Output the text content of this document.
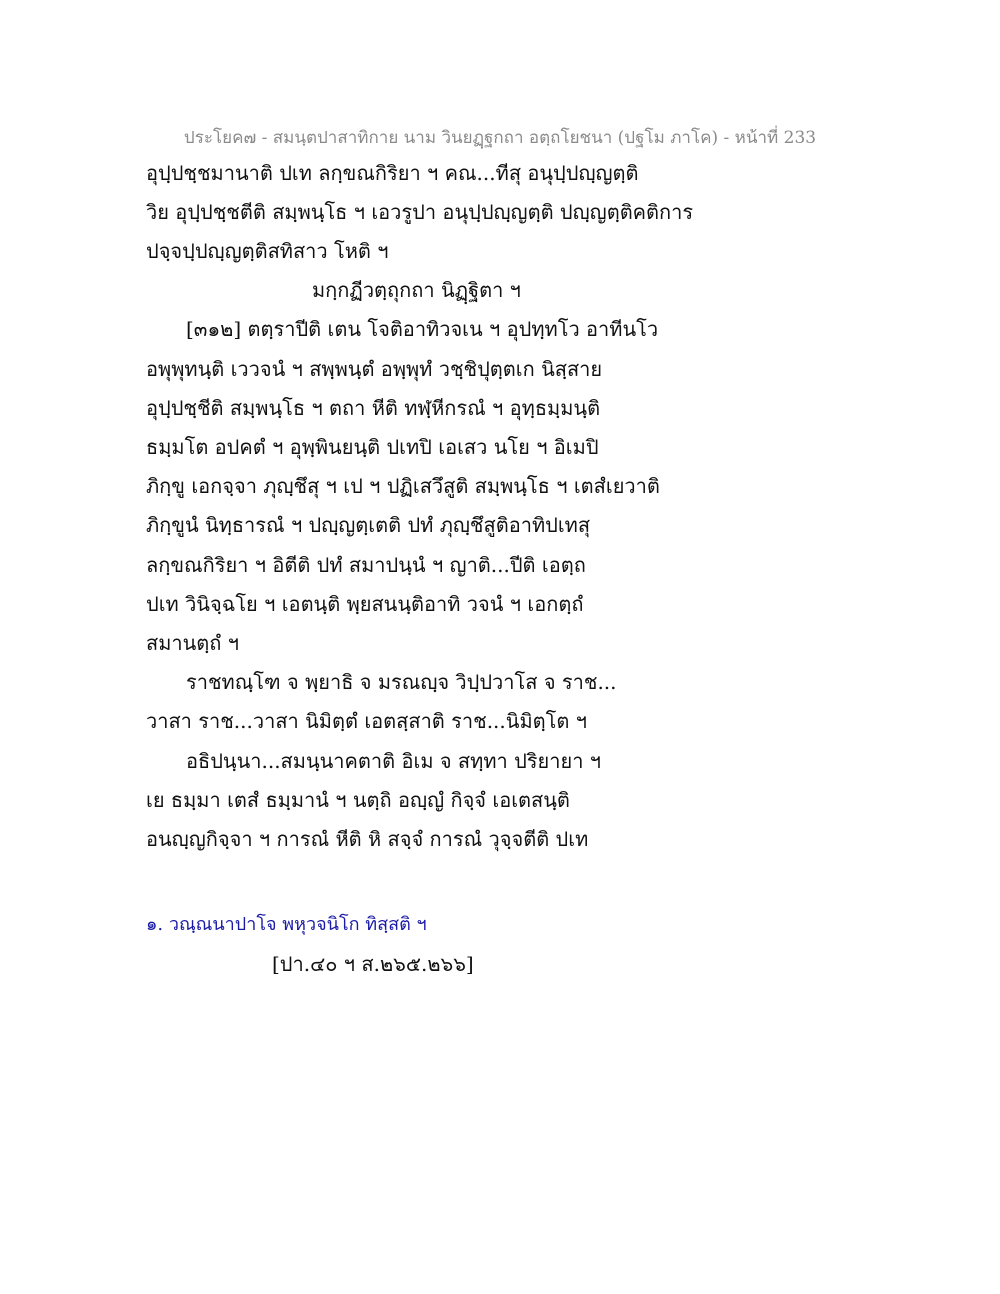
ประโยค๗ - สมนฺตปาสาทิกาย นาม วินยฏฺฐกถา อตฺถโยชนา (ปฐโม ภาโค) - หน้าที่ 233
อุปฺปชฺชมานาติ ปเท ลกฺขณกิริยา ฯ คณ...ทีสุ อนุปฺปญฺญตฺติ
วิย อุปฺปชฺชตีติ สมฺพนฺโธ ฯ เอวรูปา อนุปฺปญฺญตฺติ ปญฺญตฺติคติการ
ปจฺจปฺปญฺญตฺติสทิสาว โหติ ฯ
มกฺกฏีวตฺถุกถา นิฏฺฐิตา ฯ
[๓๑๒] ตตฺราปีติ เตน โจติอาทิวจเน ฯ อุปทฺทโว อาทีนโว
อพุพุทนฺติ เววจนํ ฯ สพฺพนฺตํ อพฺพุทํ วชฺชิปุตฺตเก นิสฺสาย
อุปฺปชฺชีติ สมฺพนฺโธ ฯ ตถา หีติ ทฬฺหีกรณํ ฯ อุทฺธมฺมนฺติ
ธมฺมโต อปคตํ ฯ อุพฺพินยนฺติ ปเทปิ เอเสว นโย ฯ อิเมปิ
ภิกฺขู เอกจฺจา ภุญฺชึสุ ฯ เป ฯ ปฏิเสวึสูติ สมฺพนฺโธ ฯ เตสํเยวาติ
ภิกฺขูนํ นิทฺธารณํ ฯ ปญฺญตฺเตติ ปทํ ภุญฺชึสูติอาทิปเทสุ
ลกฺขณกิริยา ฯ อิตีติ ปทํ สมาปนฺนํ ฯ ญาติ...ปีติ เอตฺถ
ปเท วินิจฺฉโย ฯ เอตนฺติ พฺยสนนฺติอาทิ วจนํ ฯ เอกตฺถํ
สมานตฺถํ ฯ
ราชทณฺโฑ จ พฺยาธิ จ มรณญฺจ วิปฺปวาโส จ ราช...
วาสา ราช...วาสา นิมิตฺตํ เอตสฺสาติ ราช...นิมิตฺโต ฯ
อธิปนฺนา...สมนฺนาคตาติ อิเม จ สทฺทา ปริยายา ฯ
เย ธมฺมา เตสํ ธมฺมานํ ฯ นตฺถิ อญฺญํ กิจฺจํ เอเตสนฺติ
อนญฺญกิจฺจา ฯ การณํ หีติ หิ สจฺจํ การณํ วุจฺจตีติ ปเท
๑. วณฺณนาปาโจ พหุวจนิโก ทิสฺสติ ฯ
[ปา.๔๐ ฯ ส.๒๖๕.๒๖๖]
